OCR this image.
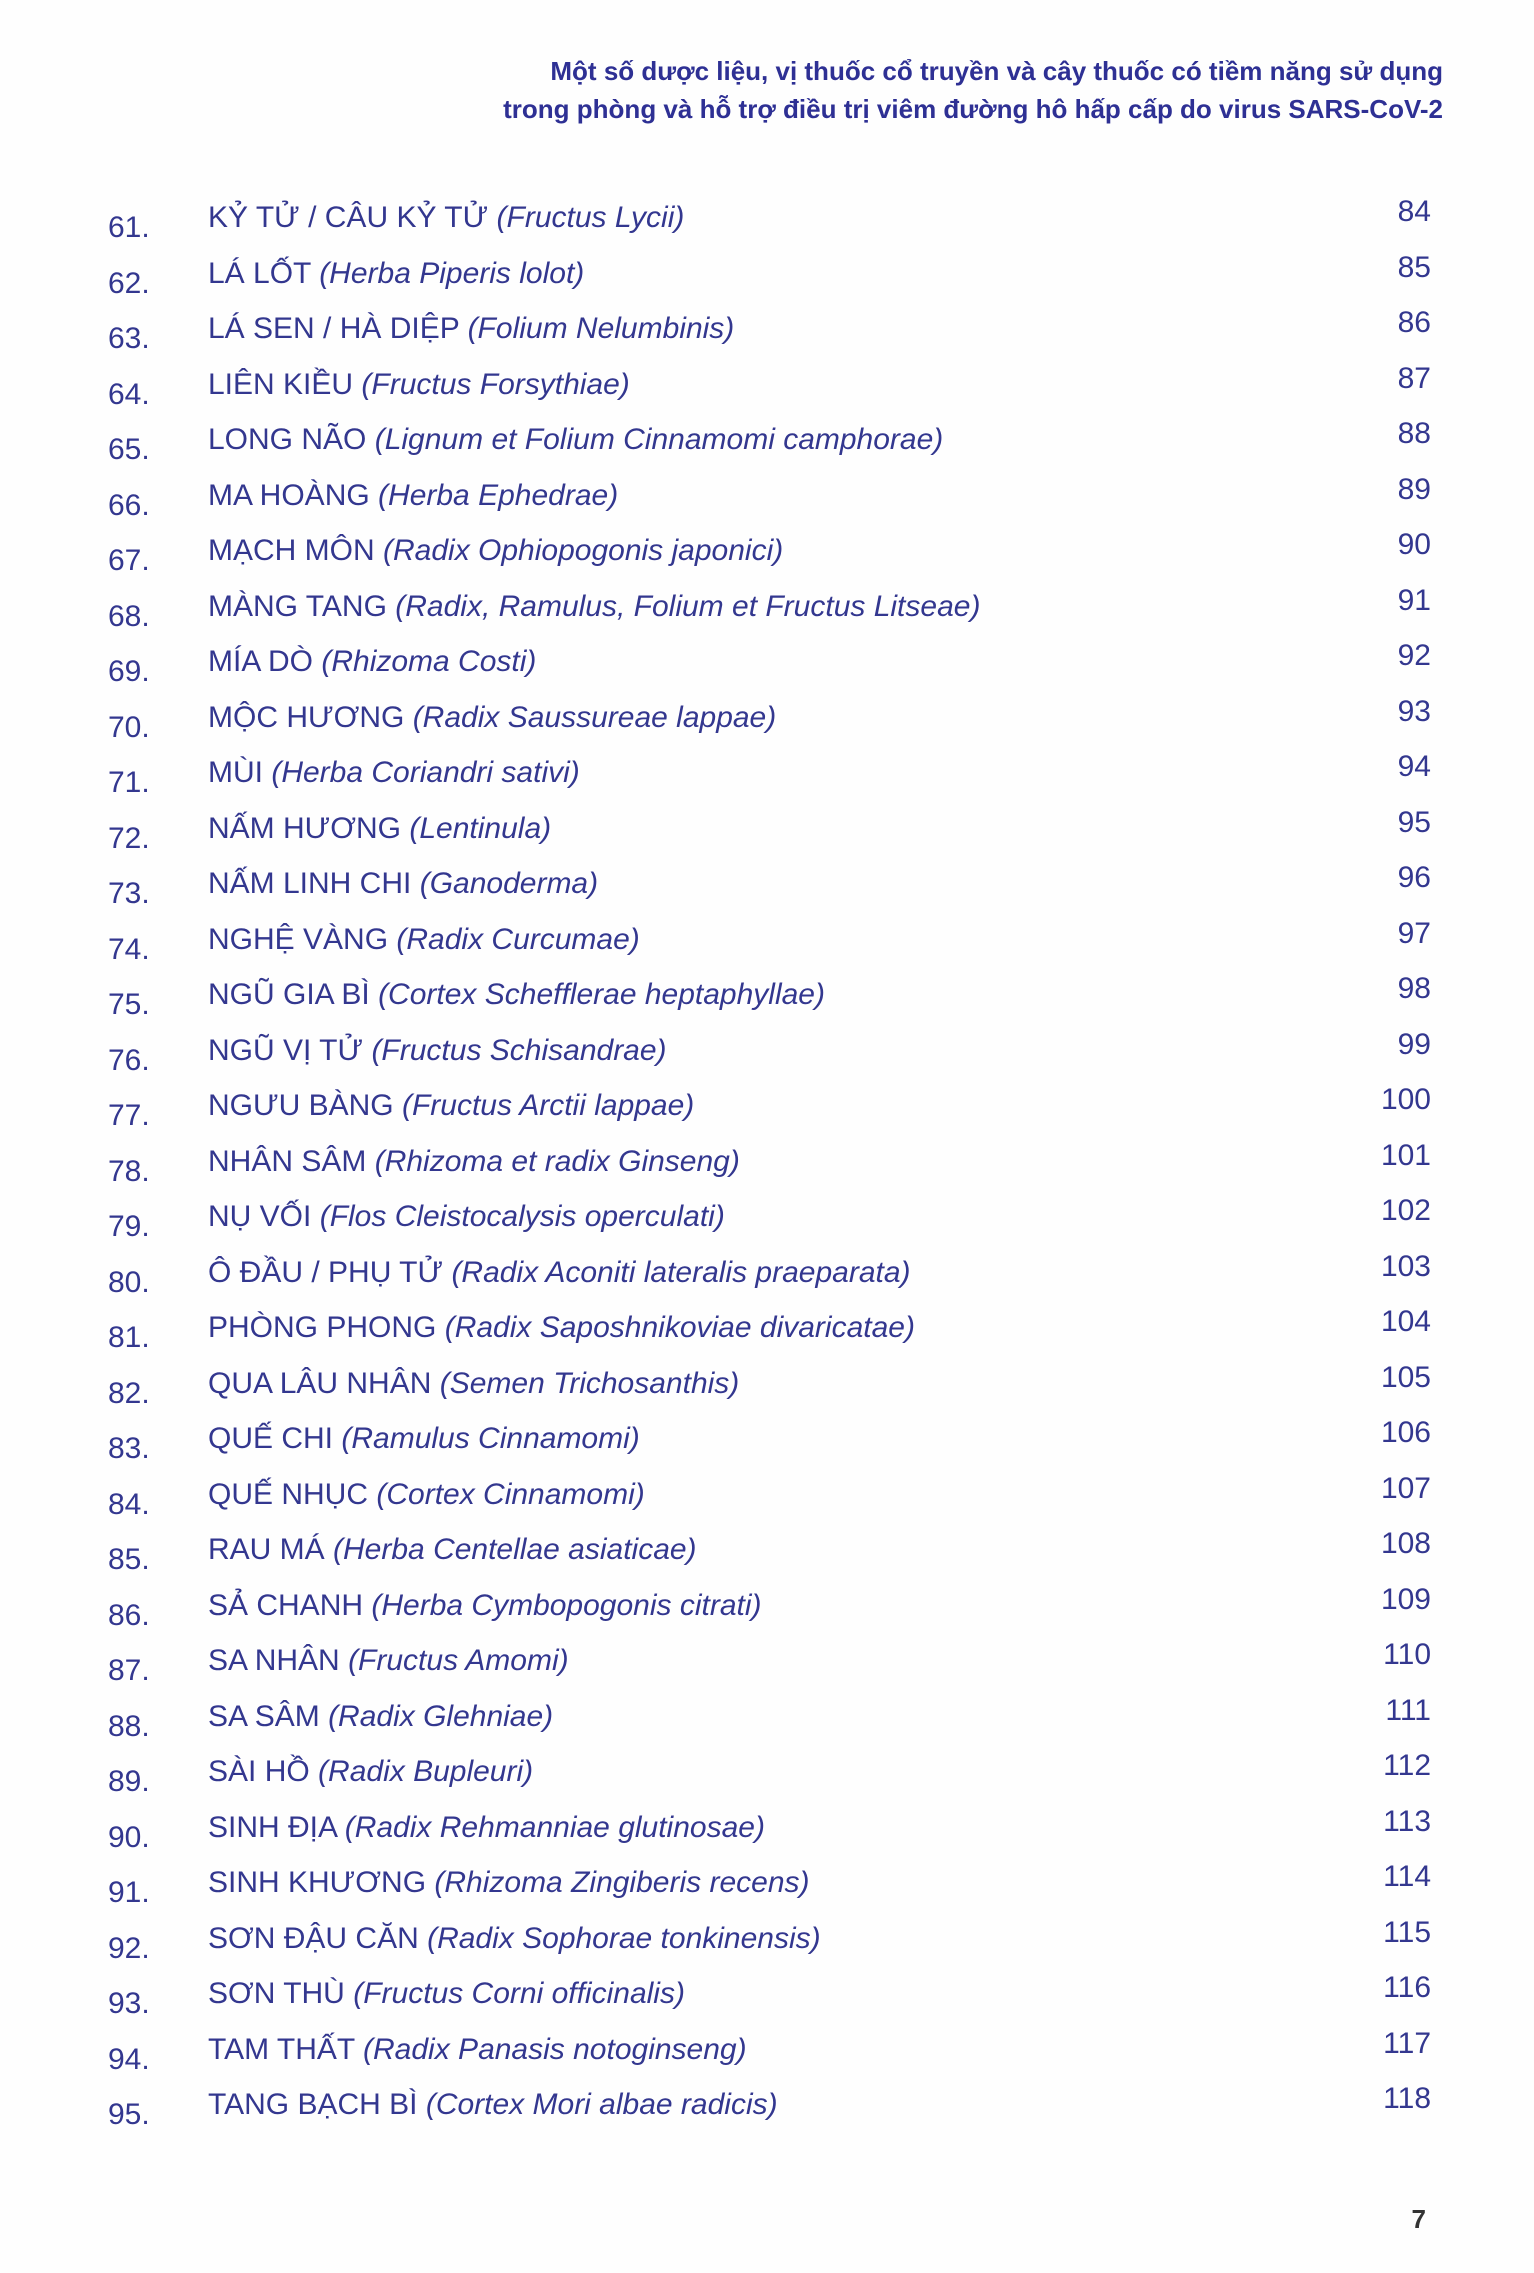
Một số dược liệu, vị thuốc cổ truyền và cây thuốc có tiềm năng sử dụng
trong phòng và hỗ trợ điều trị viêm đường hô hấp cấp do virus SARS-CoV-2
61.	KỶ TỬ / CÂU KỶ TỬ (Fructus Lycii)	84
62.	LÁ LỐT (Herba Piperis lolot)	85
63.	LÁ SEN / HÀ DIỆP (Folium Nelumbinis)	86
64.	LIÊN KIỀU (Fructus Forsythiae)	87
65.	LONG NÃO (Lignum et Folium Cinnamomi camphorae)	88
66.	MA HOÀNG (Herba Ephedrae)	89
67.	MẠCH MÔN (Radix Ophiopogonis japonici)	90
68.	MÀNG TANG (Radix, Ramulus, Folium et Fructus Litseae)	91
69.	MÍA DÒ (Rhizoma Costi)	92
70.	MỘC HƯƠNG (Radix Saussureae lappae)	93
71.	MÙI (Herba Coriandri sativi)	94
72.	NẤM HƯƠNG (Lentinula)	95
73.	NẤM LINH CHI (Ganoderma)	96
74.	NGHỆ VÀNG (Radix Curcumae)	97
75.	NGŨ GIA BÌ (Cortex Schefflerae heptaphyllae)	98
76.	NGŨ VỊ TỬ (Fructus Schisandrae)	99
77.	NGƯU BÀNG (Fructus Arctii lappae)	100
78.	NHÂN SÂM (Rhizoma et radix Ginseng)	101
79.	NỤ VỐI (Flos Cleistocalysis operculati)	102
80.	Ô ĐẦU / PHỤ TỬ (Radix Aconiti lateralis praeparata)	103
81.	PHÒNG PHONG (Radix Saposhnikoviae divaricatae)	104
82.	QUA LÂU NHÂN (Semen Trichosanthis)	105
83.	QUẾ CHI (Ramulus Cinnamomi)	106
84.	QUẾ NHỤC (Cortex Cinnamomi)	107
85.	RAU MÁ (Herba Centellae asiaticae)	108
86.	SẢ CHANH (Herba Cymbopogonis citrati)	109
87.	SA NHÂN (Fructus Amomi)	110
88.	SA SÂM (Radix Glehniae)	111
89.	SÀI HỒ (Radix Bupleuri)	112
90.	SINH ĐỊA (Radix Rehmanniae glutinosae)	113
91.	SINH KHƯƠNG (Rhizoma Zingiberis recens)	114
92.	SƠN ĐẬU CĂN (Radix Sophorae tonkinensis)	115
93.	SƠN THÙ (Fructus Corni officinalis)	116
94.	TAM THẤT (Radix Panasis notoginseng)	117
95.	TANG BẠCH BÌ (Cortex Mori albae radicis)	118
7
